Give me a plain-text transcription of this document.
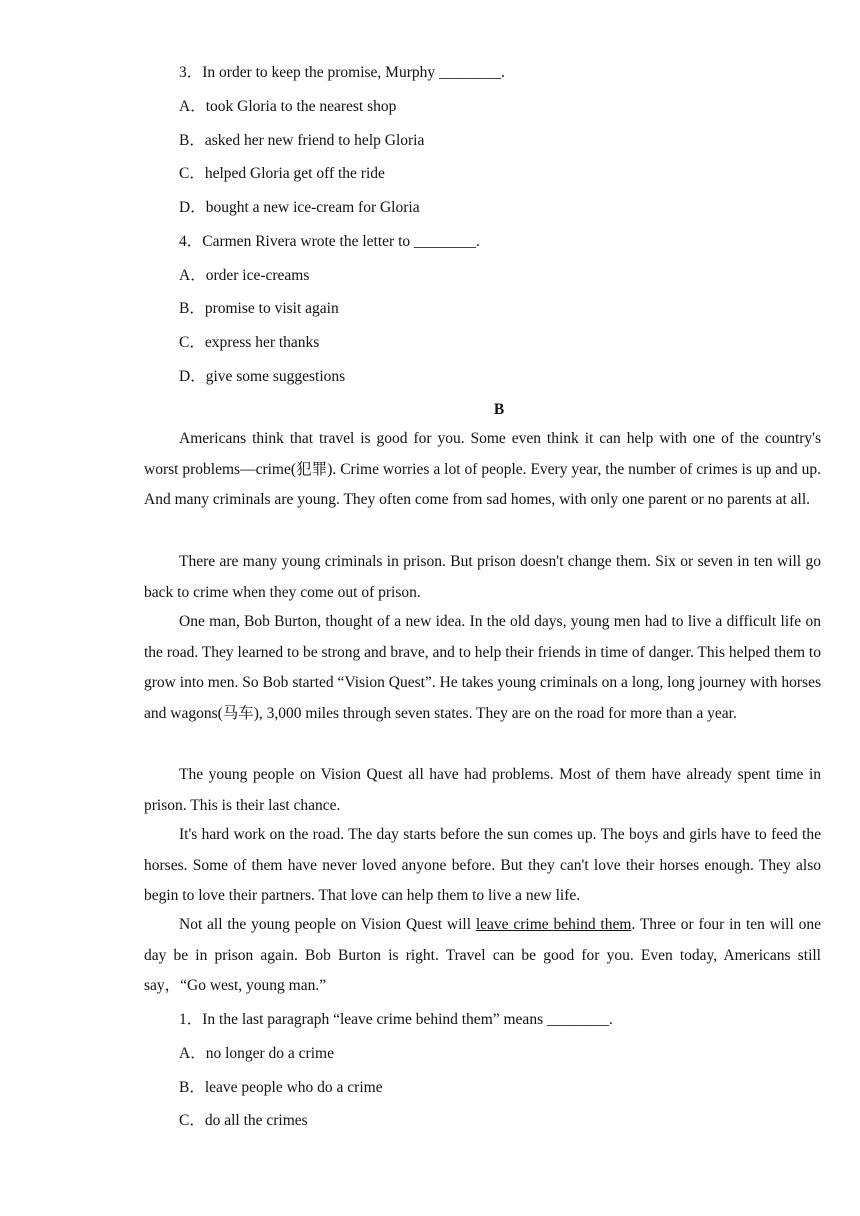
3．In order to keep the promise, Murphy ________.
A．took Gloria to the nearest shop
B．asked her new friend to help Gloria
C．helped Gloria get off the ride
D．bought a new ice-cream for Gloria
4．Carmen Rivera wrote the letter to ________.
A．order ice-creams
B．promise to visit again
C．express her thanks
D．give some suggestions
B

Americans think that travel is good for you. Some even think it can help with one of the country's worst problems—crime(犯罪). Crime worries a lot of people. Every year, the number of crimes is up and up. And many criminals are young. They often come from sad homes, with only one parent or no parents at all.

There are many young criminals in prison. But prison doesn't change them. Six or seven in ten will go back to crime when they come out of prison.

One man, Bob Burton, thought of a new idea. In the old days, young men had to live a difficult life on the road. They learned to be strong and brave, and to help their friends in time of danger. This helped them to grow into men. So Bob started “Vision Quest”. He takes young criminals on a long, long journey with horses and wagons(马车), 3,000 miles through seven states. They are on the road for more than a year.

The young people on Vision Quest all have had problems. Most of them have already spent time in prison. This is their last chance.

It's hard work on the road. The day starts before the sun comes up. The boys and girls have to feed the horses. Some of them have never loved anyone before. But they can't love their horses enough. They also begin to love their partners. That love can help them to live a new life.

Not all the young people on Vision Quest will leave crime behind them. Three or four in ten will one day be in prison again. Bob Burton is right. Travel can be good for you. Even today, Americans still say，“Go west, young man.”

1．In the last paragraph “leave crime behind them” means ________.
A．no longer do a crime
B．leave people who do a crime
C．do all the crimes
